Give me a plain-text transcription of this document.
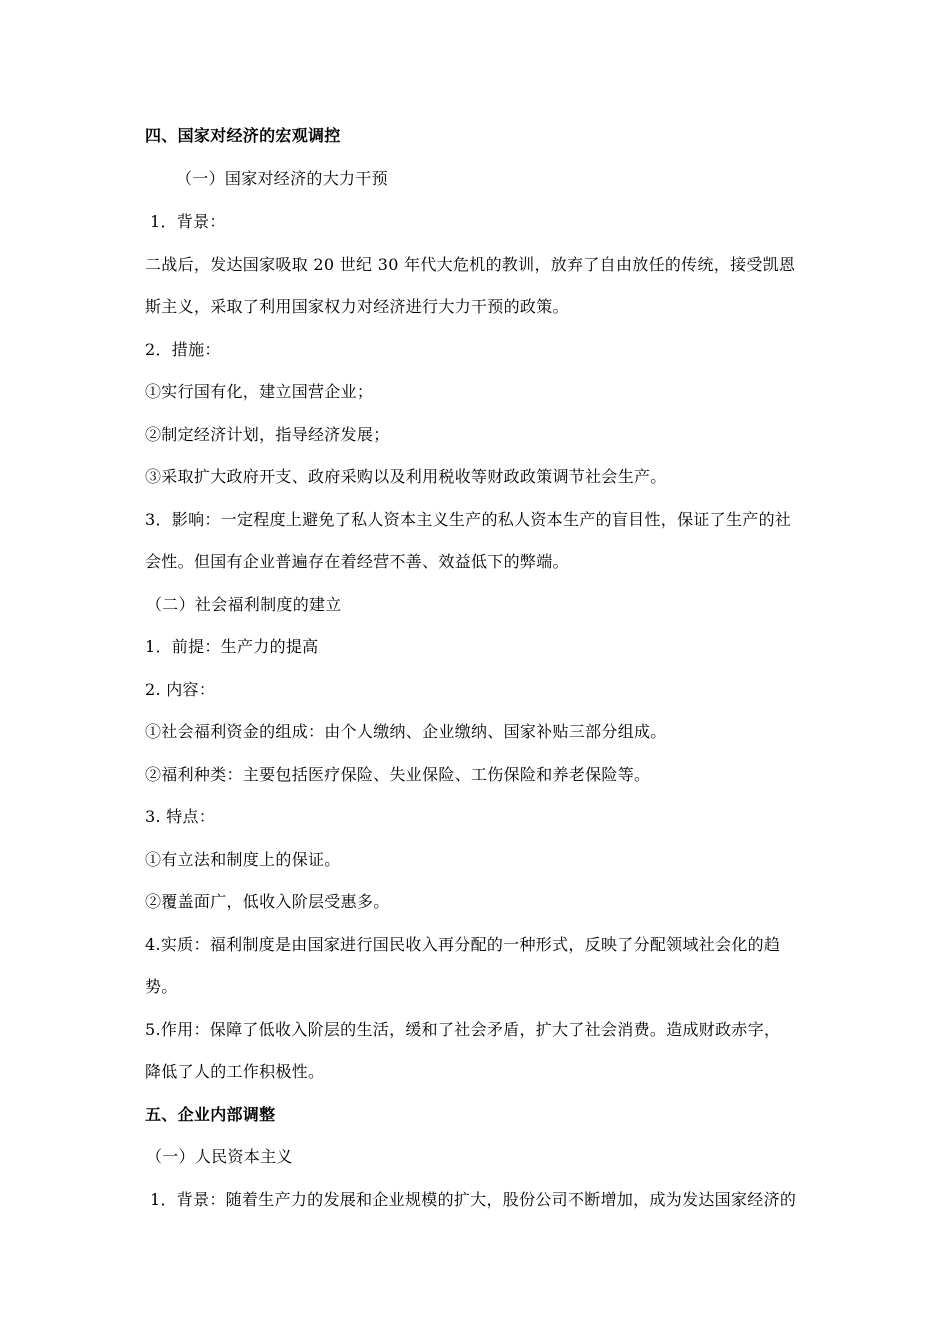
四、国家对经济的宏观调控
（一）国家对经济的大力干预
1．背景：
二战后，发达国家吸取 20 世纪 30 年代大危机的教训，放弃了自由放任的传统，接受凯恩
斯主义，采取了利用国家权力对经济进行大力干预的政策。
2．措施：
①实行国有化，建立国营企业；
②制定经济计划，指导经济发展；
③采取扩大政府开支、政府采购以及利用税收等财政政策调节社会生产。
3．影响：一定程度上避免了私人资本主义生产的私人资本生产的盲目性，保证了生产的社
会性。但国有企业普遍存在着经营不善、效益低下的弊端。
（二）社会福利制度的建立
1．前提：生产力的提高
2. 内容：
①社会福利资金的组成：由个人缴纳、企业缴纳、国家补贴三部分组成。
②福利种类：主要包括医疗保险、失业保险、工伤保险和养老保险等。
3. 特点：
①有立法和制度上的保证。
②覆盖面广，低收入阶层受惠多。
4.实质：福利制度是由国家进行国民收入再分配的一种形式，反映了分配领域社会化的趋
势。
5.作用：保障了低收入阶层的生活，缓和了社会矛盾，扩大了社会消费。造成财政赤字，
降低了人的工作积极性。
五、企业内部调整
（一）人民资本主义
1．背景：随着生产力的发展和企业规模的扩大，股份公司不断增加，成为发达国家经济的
